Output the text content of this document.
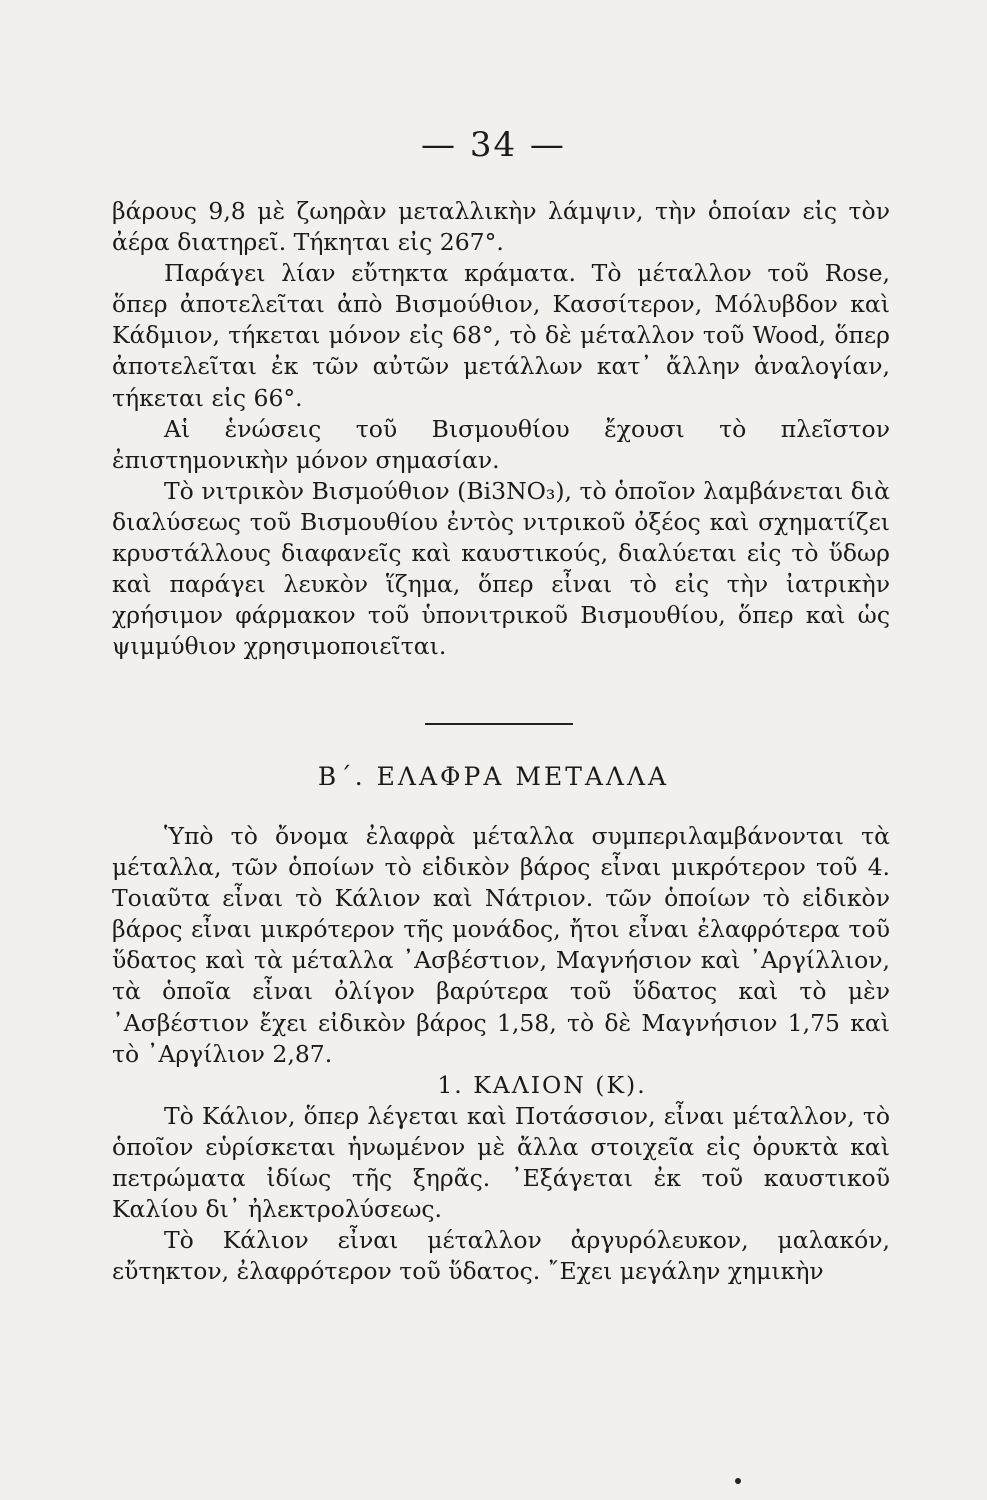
— 34 —

βάρους 9,8 μὲ ζωηρὰν μεταλλικὴν λάμψιν, τὴν ὁποίαν εἰς τὸν ἀέρα διατηρεῖ. Τήκηται εἰς 267°.

Παράγει λίαν εὔτηκτα κράματα. Τὸ μέταλλον τοῦ Rose, ὅπερ ἀποτελεῖται ἀπὸ Βισμούθιον, Κασσίτερον, Μόλυβδον καὶ Κάδμιον, τήκεται μόνον εἰς 68°, τὸ δὲ μέταλλον τοῦ Wood, ὅπερ ἀποτελεῖται ἐκ τῶν αὐτῶν μετάλλων κατ᾿ ἄλλην ἀναλογίαν, τήκεται εἰς 66°.

Αἱ ἑνώσεις τοῦ Βισμουθίου ἔχουσι τὸ πλεῖστον ἐπιστημονικὴν μόνον σημασίαν.

Τὸ νιτρικὸν Βισμούθιον (Bi3NO₃), τὸ ὁποῖον λαμβάνεται διὰ διαλύσεως τοῦ Βισμουθίου ἐντὸς νιτρικοῦ ὀξέος καὶ σχηματίζει κρυστάλλους διαφανεῖς καὶ καυστικούς, διαλύεται εἰς τὸ ὕδωρ καὶ παράγει λευκὸν ἵζημα, ὅπερ εἶναι τὸ εἰς τὴν ἰατρικὴν χρήσιμον φάρμακον τοῦ ὑπονιτρικοῦ Βισμουθίου, ὅπερ καὶ ὡς ψιμμύθιον χρησιμοποιεῖται.

Β΄. ΕΛΑΦΡΑ ΜΕΤΑΛΛΑ

Ὑπὸ τὸ ὄνομα ἐλαφρὰ μέταλλα συμπεριλαμβάνονται τὰ μέταλλα, τῶν ὁποίων τὸ εἰδικὸν βάρος εἶναι μικρότερον τοῦ 4. Τοιαῦτα εἶναι τὸ Κάλιον καὶ Νάτριον. τῶν ὁποίων τὸ εἰδικὸν βάρος εἶναι μικρότερον τῆς μονάδος, ἤτοι εἶναι ἐλαφρότερα τοῦ ὕδατος καὶ τὰ μέταλλα ᾿Ασβέστιον, Μαγνήσιον καὶ ᾿Αργίλλιον, τὰ ὁποῖα εἶναι ὀλίγον βαρύτερα τοῦ ὕδατος καὶ τὸ μὲν ᾿Ασβέστιον ἔχει εἰδικὸν βάρος 1,58, τὸ δὲ Μαγνήσιον 1,75 καὶ τὸ ᾿Αργίλιον 2,87.

1. ΚΑΛΙΟΝ (Κ).

Τὸ Κάλιον, ὅπερ λέγεται καὶ Ποτάσσιον, εἶναι μέταλλον, τὸ ὁποῖον εὑρίσκεται ἡνωμένον μὲ ἄλλα στοιχεῖα εἰς ὀρυκτὰ καὶ πετρώματα ἰδίως τῆς ξηρᾶς. ᾿Εξάγεται ἐκ τοῦ καυστικοῦ Καλίου δι᾿ ἠλεκτρολύσεως.

Τὸ Κάλιον εἶναι μέταλλον ἀργυρόλευκον, μαλακόν, εὔτηκτον, ἐλαφρότερον τοῦ ὕδατος. ῎Εχει μεγάλην χημικὴν
